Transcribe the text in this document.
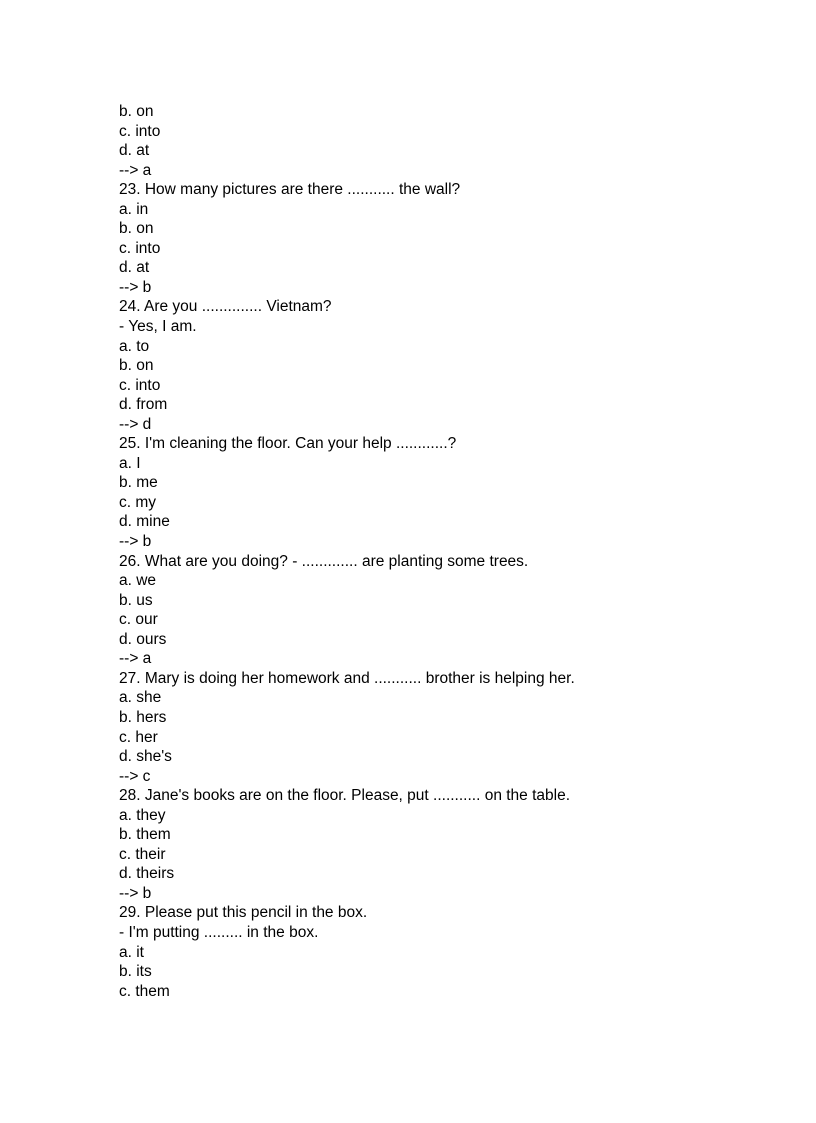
b. on

c. into

d. at

--> a

23. How many pictures are there ........... the wall?

a. in

b. on

c. into

d. at

--> b

24. Are you .............. Vietnam?

- Yes, I am.

a. to

b. on

c. into

d. from

--> d

25. I'm cleaning the floor. Can your help ............?

a. I

b. me

c. my

d. mine

--> b

26. What are you doing? - ............. are planting some trees.

a. we

b. us

c. our

d. ours

--> a

27. Mary is doing her homework and ........... brother is helping her.

a. she

b. hers

c. her

d. she's

--> c

28. Jane's books are on the floor. Please, put ........... on the table.

a. they

b. them

c. their

d. theirs

--> b

29. Please put this pencil in the box.

- I'm putting ......... in the box.

a. it

b. its

c. them
